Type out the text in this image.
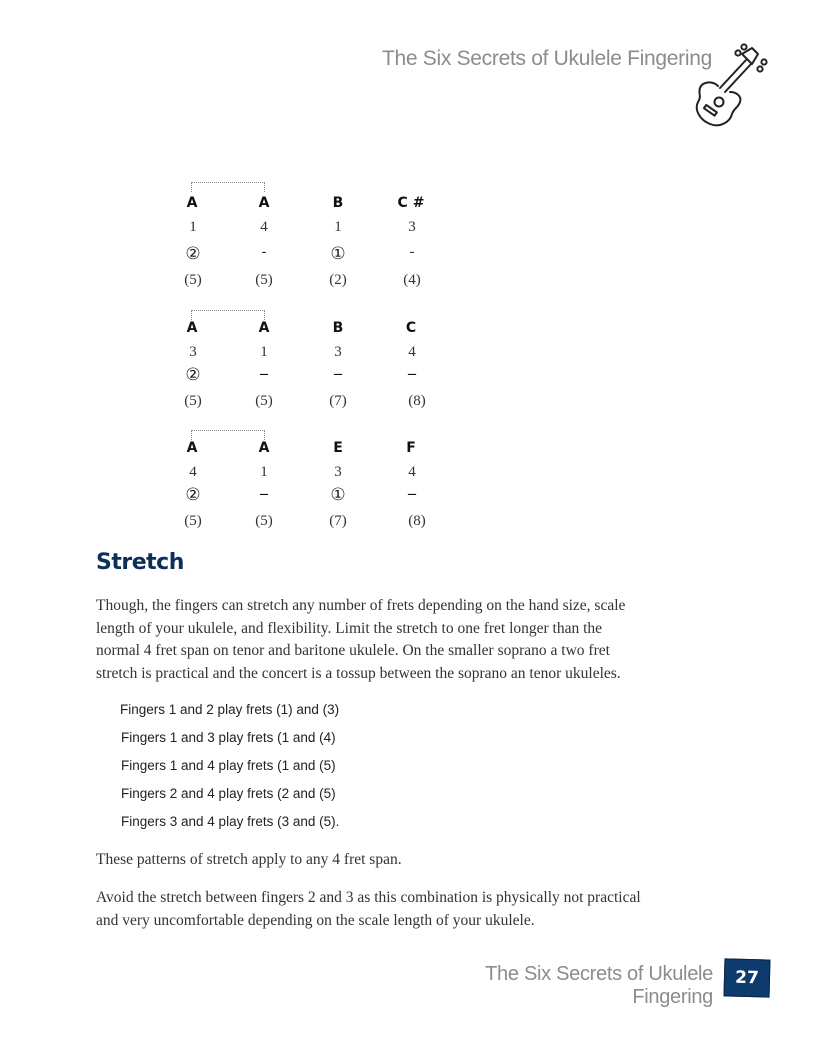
The Six Secrets of Ukulele Fingering
A	A	B	C #
1	4	1	3
②	-	①	-
(5)	(5)	(2)	(4)
A	A	B	C
3	1	3	4
②	–	–	–
(5)	(5)	(7)	(8)
A	A	E	F
4	1	3	4
②	–	①	–
(5)	(5)	(7)	(8)
Stretch
Though, the fingers can stretch any number of frets depending on the hand size, scale
length of your ukulele, and flexibility. Limit the stretch to one fret longer than the
normal 4 fret span on tenor and baritone ukulele. On the smaller soprano a two fret
stretch is practical and the concert is a tossup between the soprano an tenor ukuleles.
Fingers 1 and 2 play frets (1) and (3)
Fingers 1 and 3 play frets (1 and (4)
Fingers 1 and 4 play frets (1 and (5)
Fingers 2 and 4 play frets (2 and (5)
Fingers 3 and 4 play frets (3 and (5).
These patterns of stretch apply to any 4 fret span.
Avoid the stretch between fingers 2 and 3 as this combination is physically not practical
and very uncomfortable depending on the scale length of your ukulele.
The Six Secrets of Ukulele Fingering
27
